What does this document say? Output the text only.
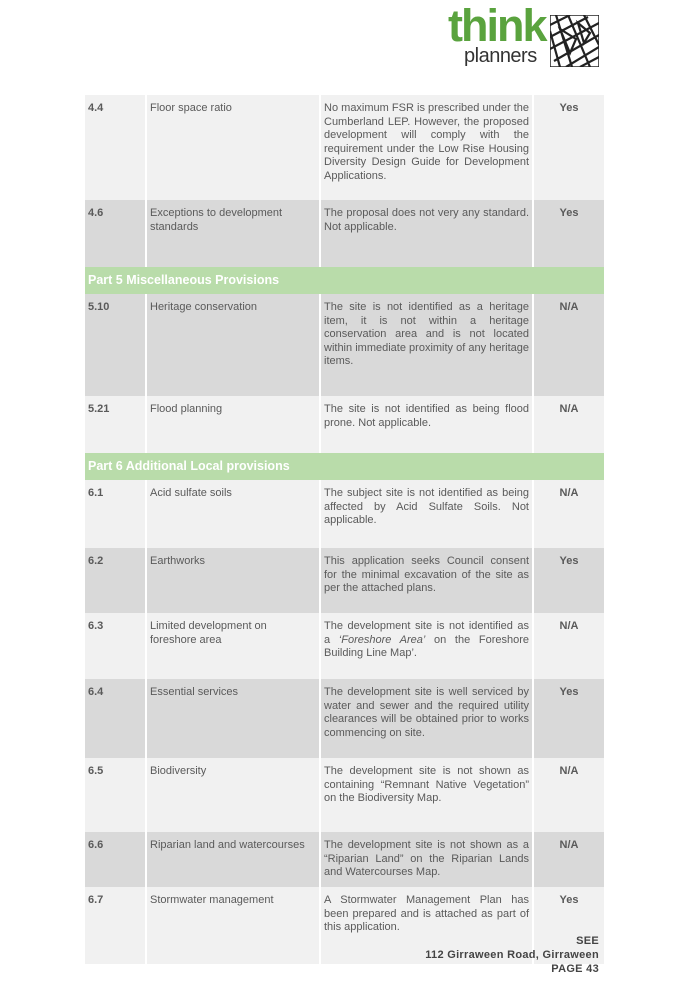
think
planners
4.4	Floor space ratio	No maximum FSR is prescribed under the Cumberland LEP. However, the proposed development will comply with the requirement under the Low Rise Housing Diversity Design Guide for Development Applications.	Yes
4.6	Exceptions to development standards	The proposal does not very any standard. Not applicable.	Yes
Part 5 Miscellaneous Provisions			
5.10	Heritage conservation	The site is not identified as a heritage item, it is not within a heritage conservation area and is not located within immediate proximity of any heritage items.	N/A
5.21	Flood planning	The site is not identified as being flood prone. Not applicable.	N/A
Part 6 Additional Local provisions			
6.1	Acid sulfate soils	The subject site is not identified as being affected by Acid Sulfate Soils. Not applicable.	N/A
6.2	Earthworks	This application seeks Council consent for the minimal excavation of the site as per the attached plans.	Yes
6.3	Limited development on foreshore area	The development site is not identified as a ‘Foreshore Area’ on the Foreshore Building Line Map’.	N/A
6.4	Essential services	The development site is well serviced by water and sewer and the required utility clearances will be obtained prior to works commencing on site.	Yes
6.5	Biodiversity	The development site is not shown as containing “Remnant Native Vegetation” on the Biodiversity Map.	N/A
6.6	Riparian land and watercourses	The development site is not shown as a “Riparian Land” on the Riparian Lands and Watercourses Map.	N/A
6.7	Stormwater management	A Stormwater Management Plan has been prepared and is attached as part of this application.	Yes
SEE
112 Girraween Road, Girraween
PAGE 43
